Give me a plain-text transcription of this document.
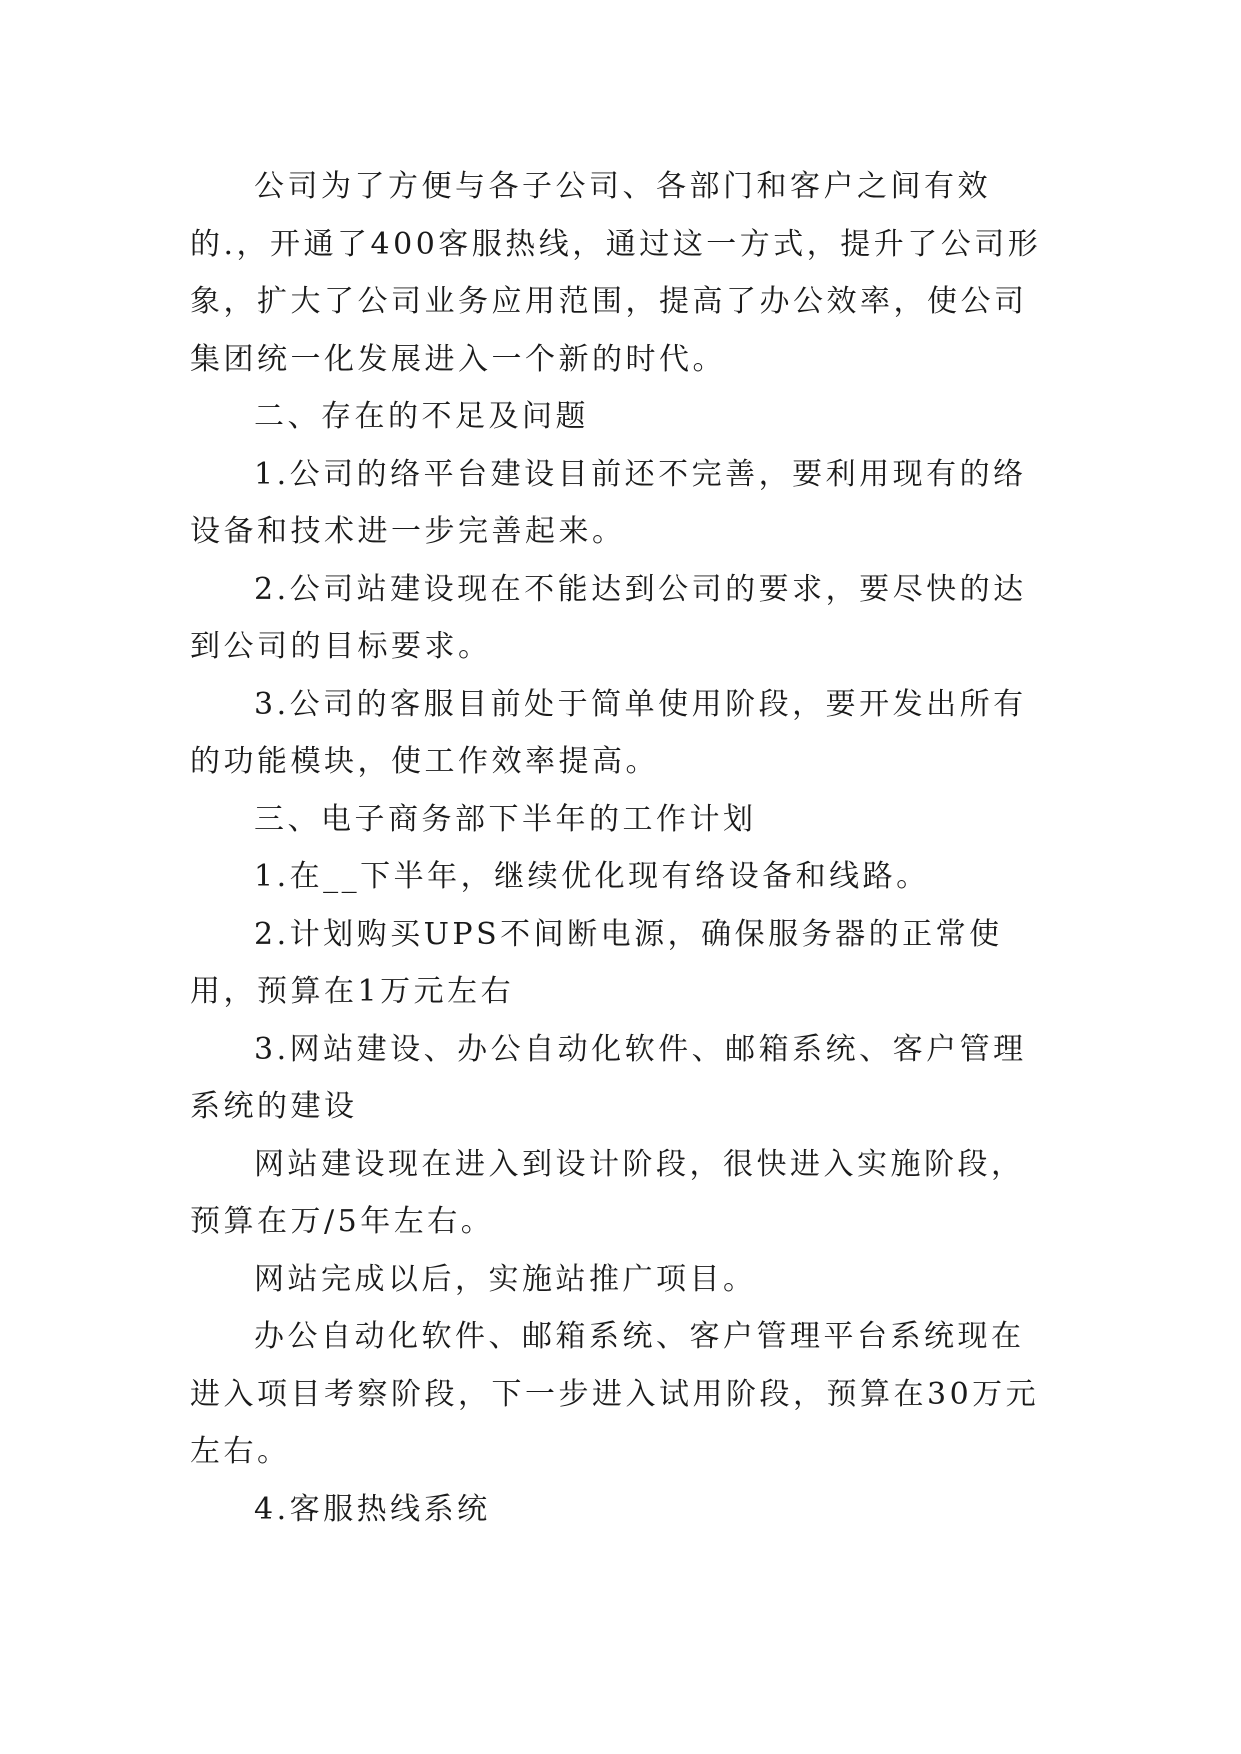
公司为了方便与各子公司、各部门和客户之间有效的.，开通了400客服热线，通过这一方式，提升了公司形象，扩大了公司业务应用范围，提高了办公效率，使公司集团统一化发展进入一个新的时代。

二、存在的不足及问题

1.公司的络平台建设目前还不完善，要利用现有的络设备和技术进一步完善起来。

2.公司站建设现在不能达到公司的要求，要尽快的达到公司的目标要求。

3.公司的客服目前处于简单使用阶段，要开发出所有的功能模块，使工作效率提高。

三、电子商务部下半年的工作计划

1.在__下半年，继续优化现有络设备和线路。

2.计划购买UPS不间断电源，确保服务器的正常使用，预算在1万元左右

3.网站建设、办公自动化软件、邮箱系统、客户管理系统的建设

网站建设现在进入到设计阶段，很快进入实施阶段，预算在万/5年左右。

网站完成以后，实施站推广项目。

办公自动化软件、邮箱系统、客户管理平台系统现在进入项目考察阶段，下一步进入试用阶段，预算在30万元左右。

4.客服热线系统
